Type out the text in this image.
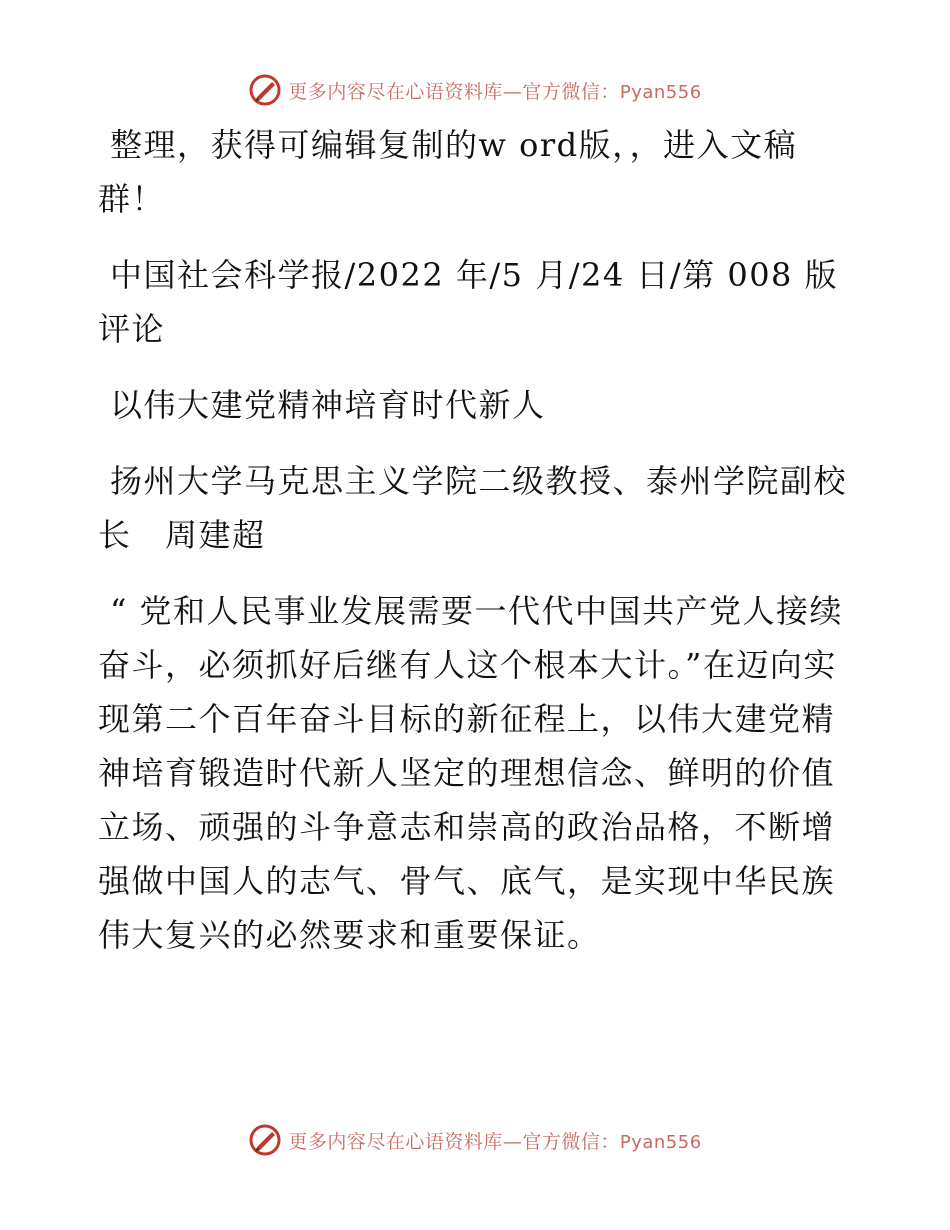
更多内容尽在心语资料库—官方微信：Pyan556

整理，获得可编辑复制的w ord版，，进入文稿群！

中国社会科学报/2022 年/5 月/24 日/第 008 版评论

以伟大建党精神培育时代新人

扬州大学马克思主义学院二级教授、泰州学院副校长　周建超

“ 党和人民事业发展需要一代代中国共产党人接续奋斗，必须抓好后继有人这个根本大计。”在迈向实现第二个百年奋斗目标的新征程上，以伟大建党精神培育锻造时代新人坚定的理想信念、鲜明的价值立场、顽强的斗争意志和崇高的政治品格，不断增强做中国人的志气、骨气、底气，是实现中华民族伟大复兴的必然要求和重要保证。

更多内容尽在心语资料库—官方微信：Pyan556
